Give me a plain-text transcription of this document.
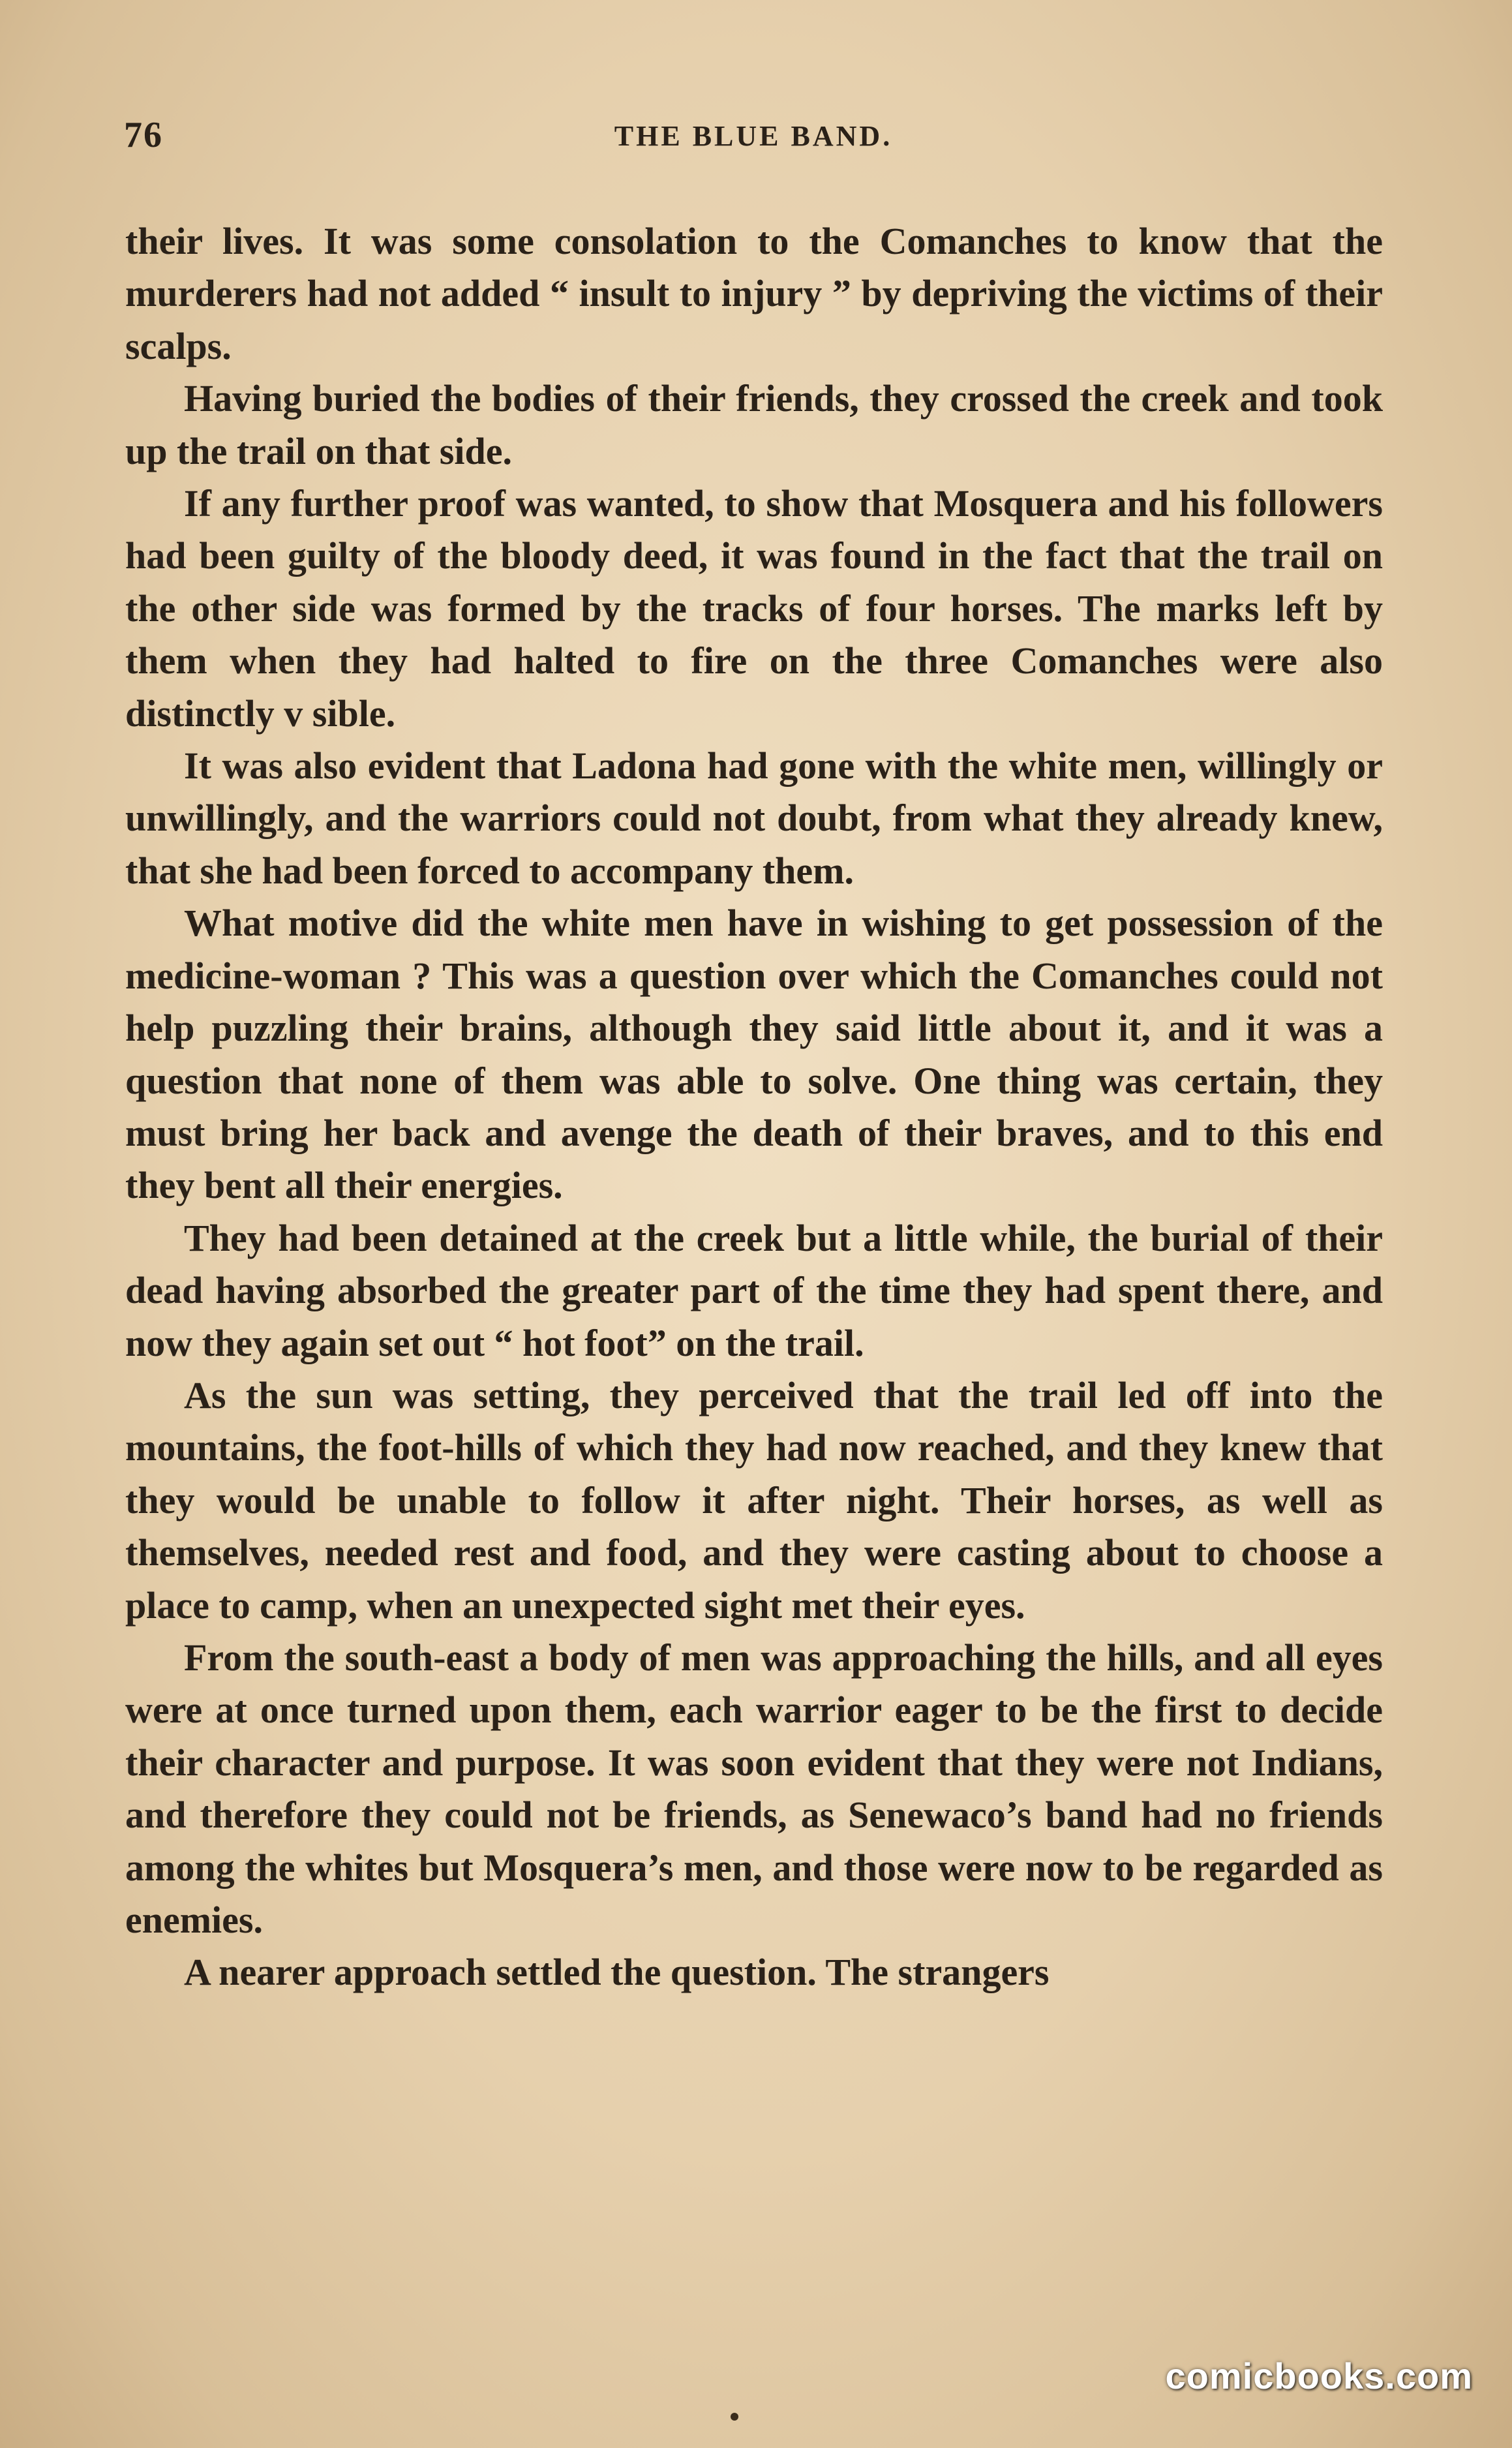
76	THE BLUE BAND.

their lives. It was some consolation to the Comanches to know that the murderers had not added “ insult to injury ” by depriving the victims of their scalps.

Having buried the bodies of their friends, they crossed the creek and took up the trail on that side.

If any further proof was wanted, to show that Mosquera and his followers had been guilty of the bloody deed, it was found in the fact that the trail on the other side was formed by the tracks of four horses. The marks left by them when they had halted to fire on the three Comanches were also distinctly v sible.

It was also evident that Ladona had gone with the white men, willingly or unwillingly, and the warriors could not doubt, from what they already knew, that she had been forced to accompany them.

What motive did the white men have in wishing to get possession of the medicine-woman ? This was a question over which the Comanches could not help puzzling their brains, although they said little about it, and it was a question that none of them was able to solve. One thing was certain, they must bring her back and avenge the death of their braves, and to this end they bent all their energies.

They had been detained at the creek but a little while, the burial of their dead having absorbed the greater part of the time they had spent there, and now they again set out “ hot foot” on the trail.

As the sun was setting, they perceived that the trail led off into the mountains, the foot-hills of which they had now reached, and they knew that they would be unable to follow it after night. Their horses, as well as themselves, needed rest and food, and they were casting about to choose a place to camp, when an unexpected sight met their eyes.

From the south-east a body of men was approaching the hills, and all eyes were at once turned upon them, each warrior eager to be the first to decide their character and purpose. It was soon evident that they were not Indians, and therefore they could not be friends, as Senewaco’s band had no friends among the whites but Mosquera’s men, and those were now to be regarded as enemies.

A nearer approach settled the question. The strangers

comicbooks.com
